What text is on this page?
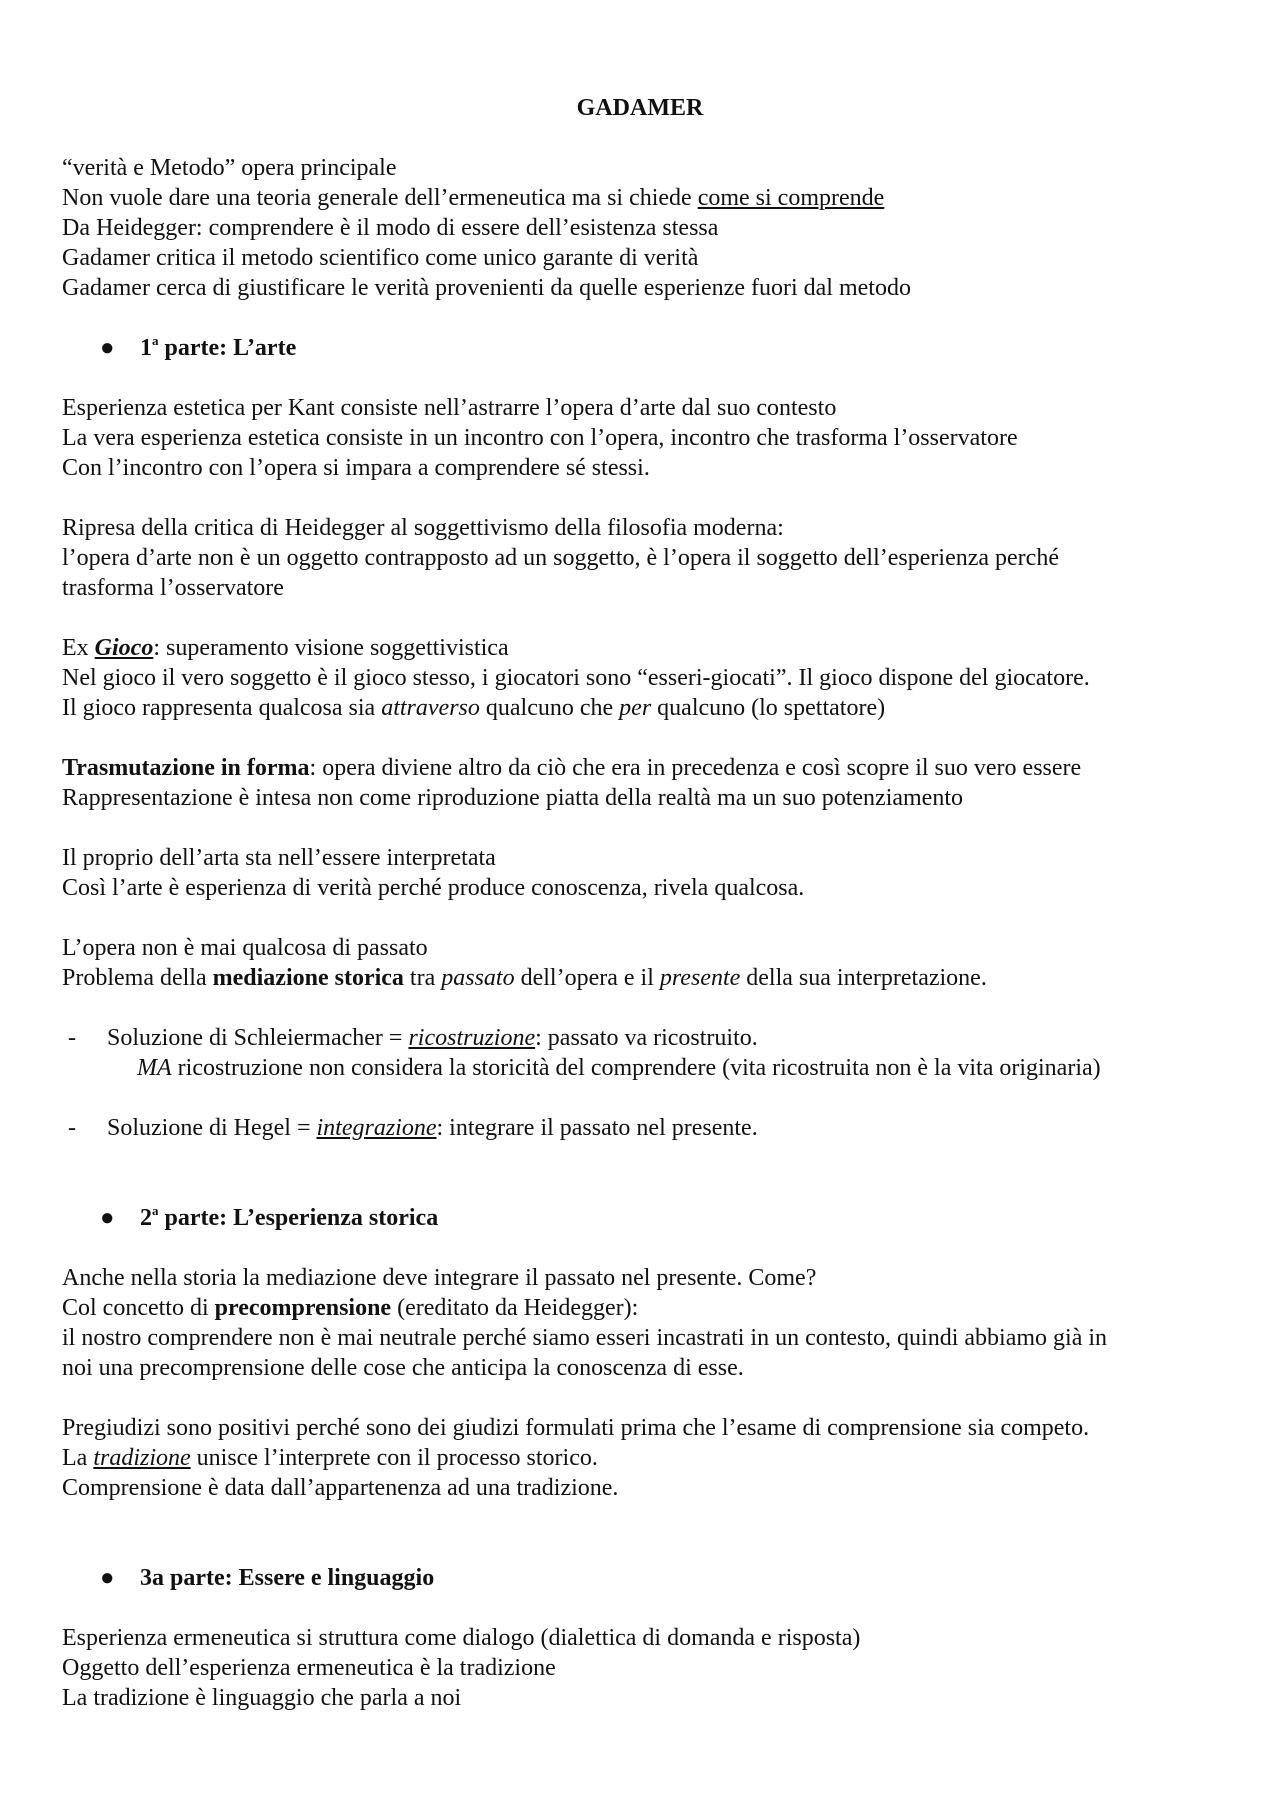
GADAMER
“verità e Metodo” opera principale
Non vuole dare una teoria generale dell’ermeneutica ma si chiede come si comprende
Da Heidegger: comprendere è il modo di essere dell’esistenza stessa
Gadamer critica il metodo scientifico come unico garante di verità
Gadamer cerca di giustificare le verità provenienti da quelle esperienze fuori dal metodo
● 1$^a$ parte: L’arte
Esperienza estetica per Kant consiste nell’astrarre l’opera d’arte dal suo contesto
La vera esperienza estetica consiste in un incontro con l’opera, incontro che trasforma l’osservatore
Con l’incontro con l’opera si impara a comprendere sé stessi.
Ripresa della critica di Heidegger al soggettivismo della filosofia moderna:
l’opera d’arte non è un oggetto contrapposto ad un soggetto, è l’opera il soggetto dell’esperienza perché
trasforma l’osservatore
Ex Gioco: superamento visione soggettivistica
Nel gioco il vero soggetto è il gioco stesso, i giocatori sono “esseri-giocati”. Il gioco dispone del giocatore.
Il gioco rappresenta qualcosa sia attraverso qualcuno che per qualcuno (lo spettatore)
Trasmutazione in forma: opera diviene altro da ciò che era in precedenza e così scopre il suo vero essere
Rappresentazione è intesa non come riproduzione piatta della realtà ma un suo potenziamento
Il proprio dell’arta sta nell’essere interpretata
Così l’arte è esperienza di verità perché produce conoscenza, rivela qualcosa.
L’opera non è mai qualcosa di passato
Problema della mediazione storica tra passato dell’opera e il presente della sua interpretazione.
- Soluzione di Schleiermacher = ricostruzione: passato va ricostruito.
MA ricostruzione non considera la storicità del comprendere (vita ricostruita non è la vita originaria)
- Soluzione di Hegel = integrazione: integrare il passato nel presente.
● 2$^a$ parte: L’esperienza storica
Anche nella storia la mediazione deve integrare il passato nel presente. Come?
Col concetto di precomprensione (ereditato da Heidegger):
il nostro comprendere non è mai neutrale perché siamo esseri incastrati in un contesto, quindi abbiamo già in
noi una precomprensione delle cose che anticipa la conoscenza di esse.
Pregiudizi sono positivi perché sono dei giudizi formulati prima che l’esame di comprensione sia competo.
La tradizione unisce l’interprete con il processo storico.
Comprensione è data dall’appartenenza ad una tradizione.
● 3a parte: Essere e linguaggio
Esperienza ermeneutica si struttura come dialogo (dialettica di domanda e risposta)
Oggetto dell’esperienza ermeneutica è la tradizione
La tradizione è linguaggio che parla a noi
